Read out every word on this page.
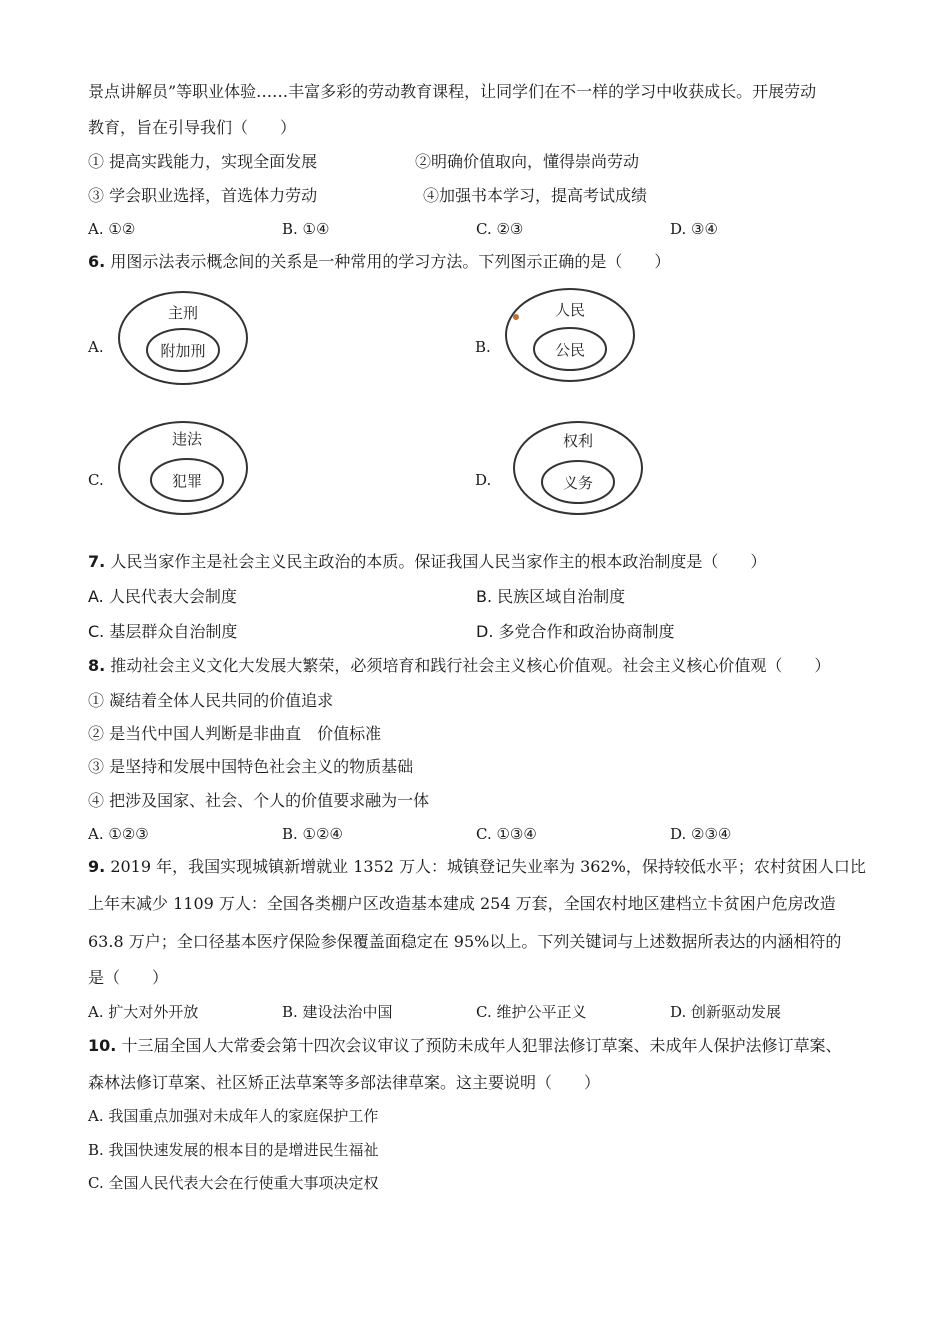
景点讲解员”等职业体验……丰富多彩的劳动教育课程，让同学们在不一样的学习中收获成长。开展劳动
教育，旨在引导我们（　　）
① 提高实践能力，实现全面发展	②明确价值取向，懂得崇尚劳动
③ 学会职业选择，首选体力劳动	④加强书本学习，提高考试成绩
A. ①②	B. ①④	C. ②③	D. ③④
6. 用图示法表示概念间的关系是一种常用的学习方法。下列图示正确的是（　　）
A.
主刑
附加刑	B.
人民
公民
C.
违法
犯罪	D.
权利
义务
7. 人民当家作主是社会主义民主政治的本质。保证我国人民当家作主的根本政治制度是（　　）
A. 人民代表大会制度	B. 民族区域自治制度
C. 基层群众自治制度	D. 多党合作和政治协商制度
8. 推动社会主义文化大发展大繁荣，必须培育和践行社会主义核心价值观。社会主义核心价值观（　　）
① 凝结着全体人民共同的价值追求
② 是当代中国人判断是非曲直　价值标准
③ 是坚持和发展中国特色社会主义的物质基础
④ 把涉及国家、社会、个人的价值要求融为一体
A. ①②③	B. ①②④	C. ①③④	D. ②③④
9. 2019 年，我国实现城镇新增就业 1352 万人：城镇登记失业率为 362%，保持较低水平；农村贫困人口比
上年末减少 1109 万人：全国各类棚户区改造基本建成 254 万套，全国农村地区建档立卡贫困户危房改造
63.8 万户；全口径基本医疗保险参保覆盖面稳定在 95%以上。下列关键词与上述数据所表达的内涵相符的
是（　　）
A. 扩大对外开放	B. 建设法治中国	C. 维护公平正义	D. 创新驱动发展
10. 十三届全国人大常委会第十四次会议审议了预防未成年人犯罪法修订草案、未成年人保护法修订草案、
森林法修订草案、社区矫正法草案等多部法律草案。这主要说明（　　）
A. 我国重点加强对未成年人的家庭保护工作
B. 我国快速发展的根本目的是增进民生福祉
C. 全国人民代表大会在行使重大事项决定权
